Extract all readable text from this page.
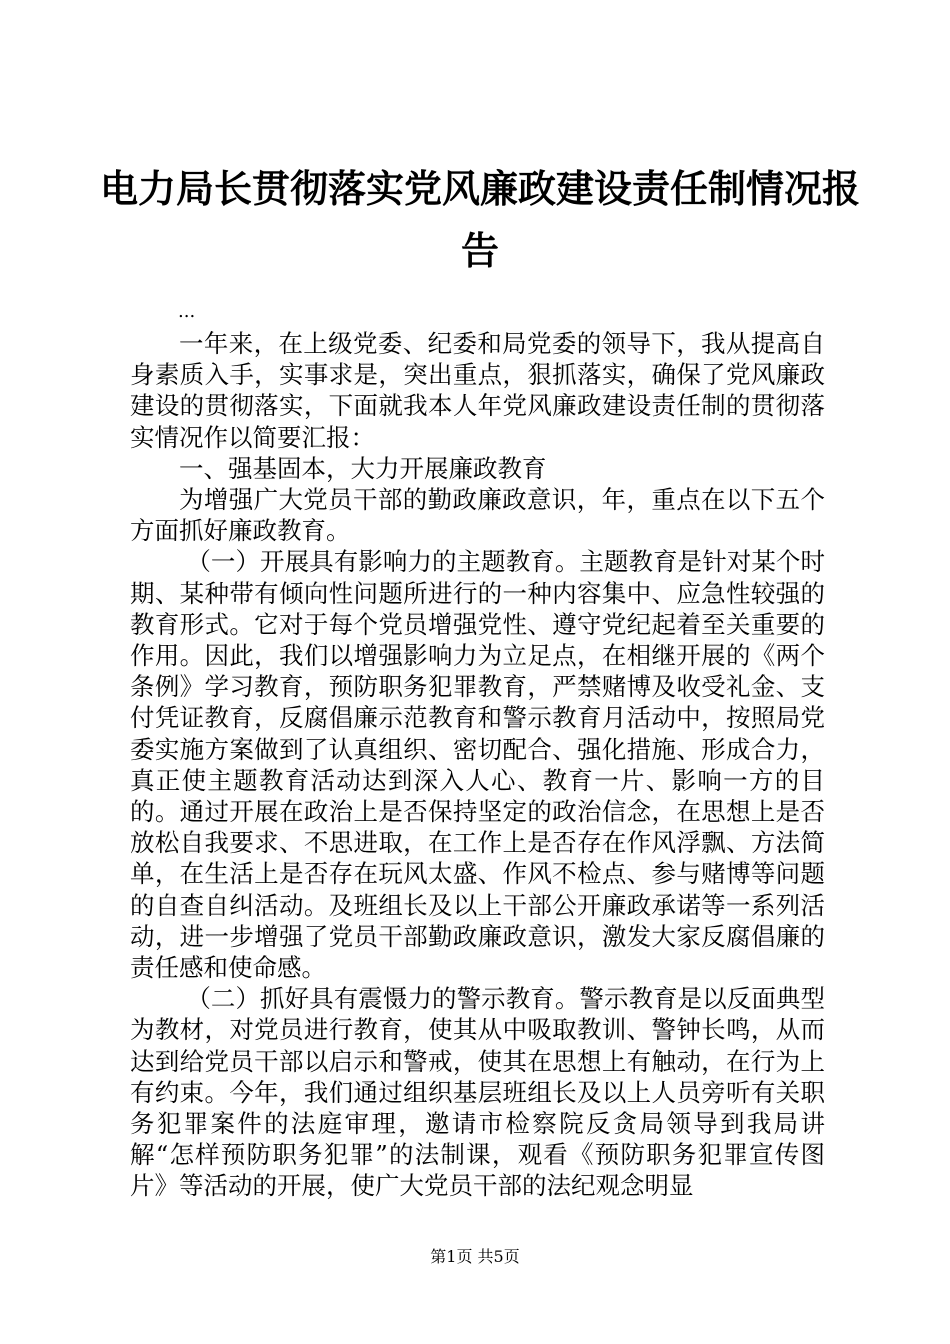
电力局长贯彻落实党风廉政建设责任制情况报告
...

一年来，在上级党委、纪委和局党委的领导下，我从提高自身素质入手，实事求是，突出重点，狠抓落实，确保了党风廉政建设的贯彻落实，下面就我本人年党风廉政建设责任制的贯彻落实情况作以简要汇报：

一、强基固本，大力开展廉政教育

为增强广大党员干部的勤政廉政意识，年，重点在以下五个方面抓好廉政教育。

（一）开展具有影响力的主题教育。主题教育是针对某个时期、某种带有倾向性问题所进行的一种内容集中、应急性较强的教育形式。它对于每个党员增强党性、遵守党纪起着至关重要的作用。因此，我们以增强影响力为立足点，在相继开展的《两个条例》学习教育，预防职务犯罪教育，严禁赌博及收受礼金、支付凭证教育，反腐倡廉示范教育和警示教育月活动中，按照局党委实施方案做到了认真组织、密切配合、强化措施、形成合力，真正使主题教育活动达到深入人心、教育一片、影响一方的目的。通过开展在政治上是否保持坚定的政治信念，在思想上是否放松自我要求、不思进取，在工作上是否存在作风浮飘、方法简单，在生活上是否存在玩风太盛、作风不检点、参与赌博等问题的自查自纠活动。及班组长及以上干部公开廉政承诺等一系列活动，进一步增强了党员干部勤政廉政意识，激发大家反腐倡廉的责任感和使命感。

（二）抓好具有震慑力的警示教育。警示教育是以反面典型为教材，对党员进行教育，使其从中吸取教训、警钟长鸣，从而达到给党员干部以启示和警戒，使其在思想上有触动，在行为上有约束。今年，我们通过组织基层班组长及以上人员旁听有关职务犯罪案件的法庭审理，邀请市检察院反贪局领导到我局讲解“怎样预防职务犯罪”的法制课，观看《预防职务犯罪宣传图片》等活动的开展，使广大党员干部的法纪观念明显

第1页 共5页
